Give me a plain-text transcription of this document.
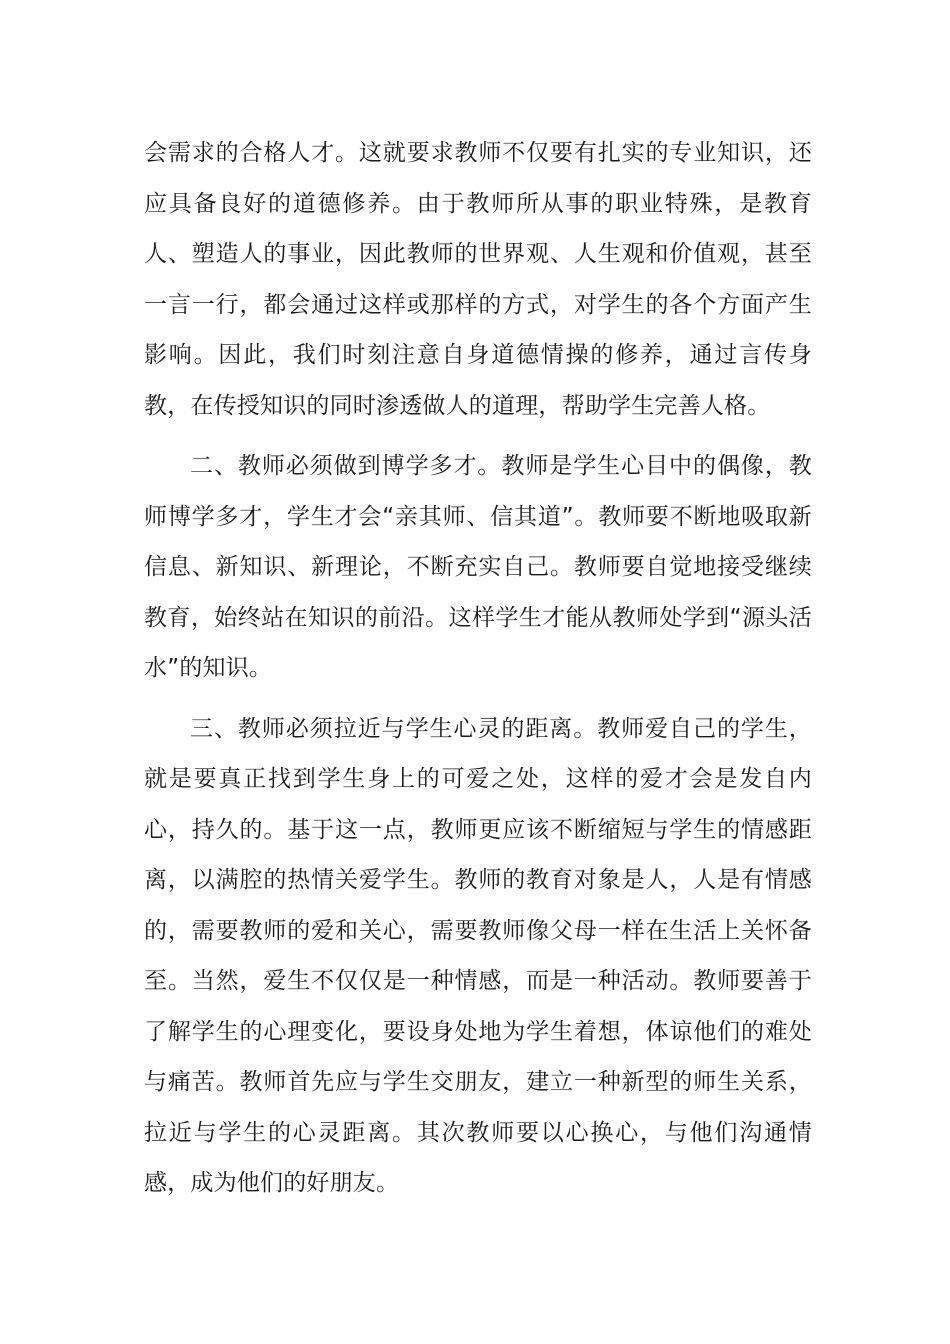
会需求的合格人才。这就要求教师不仅要有扎实的专业知识，还应具备良好的道德修养。由于教师所从事的职业特殊，是教育人、塑造人的事业，因此教师的世界观、人生观和价值观，甚至一言一行，都会通过这样或那样的方式，对学生的各个方面产生影响。因此，我们时刻注意自身道德情操的修养，通过言传身教，在传授知识的同时渗透做人的道理，帮助学生完善人格。

二、教师必须做到博学多才。教师是学生心目中的偶像，教师博学多才，学生才会“亲其师、信其道”。教师要不断地吸取新信息、新知识、新理论，不断充实自己。教师要自觉地接受继续教育，始终站在知识的前沿。这样学生才能从教师处学到“源头活水”的知识。

三、教师必须拉近与学生心灵的距离。教师爱自己的学生，就是要真正找到学生身上的可爱之处，这样的爱才会是发自内心，持久的。基于这一点，教师更应该不断缩短与学生的情感距离，以满腔的热情关爱学生。教师的教育对象是人，人是有情感的，需要教师的爱和关心，需要教师像父母一样在生活上关怀备至。当然，爱生不仅仅是一种情感，而是一种活动。教师要善于了解学生的心理变化，要设身处地为学生着想，体谅他们的难处与痛苦。教师首先应与学生交朋友，建立一种新型的师生关系，拉近与学生的心灵距离。其次教师要以心换心，与他们沟通情感，成为他们的好朋友。
